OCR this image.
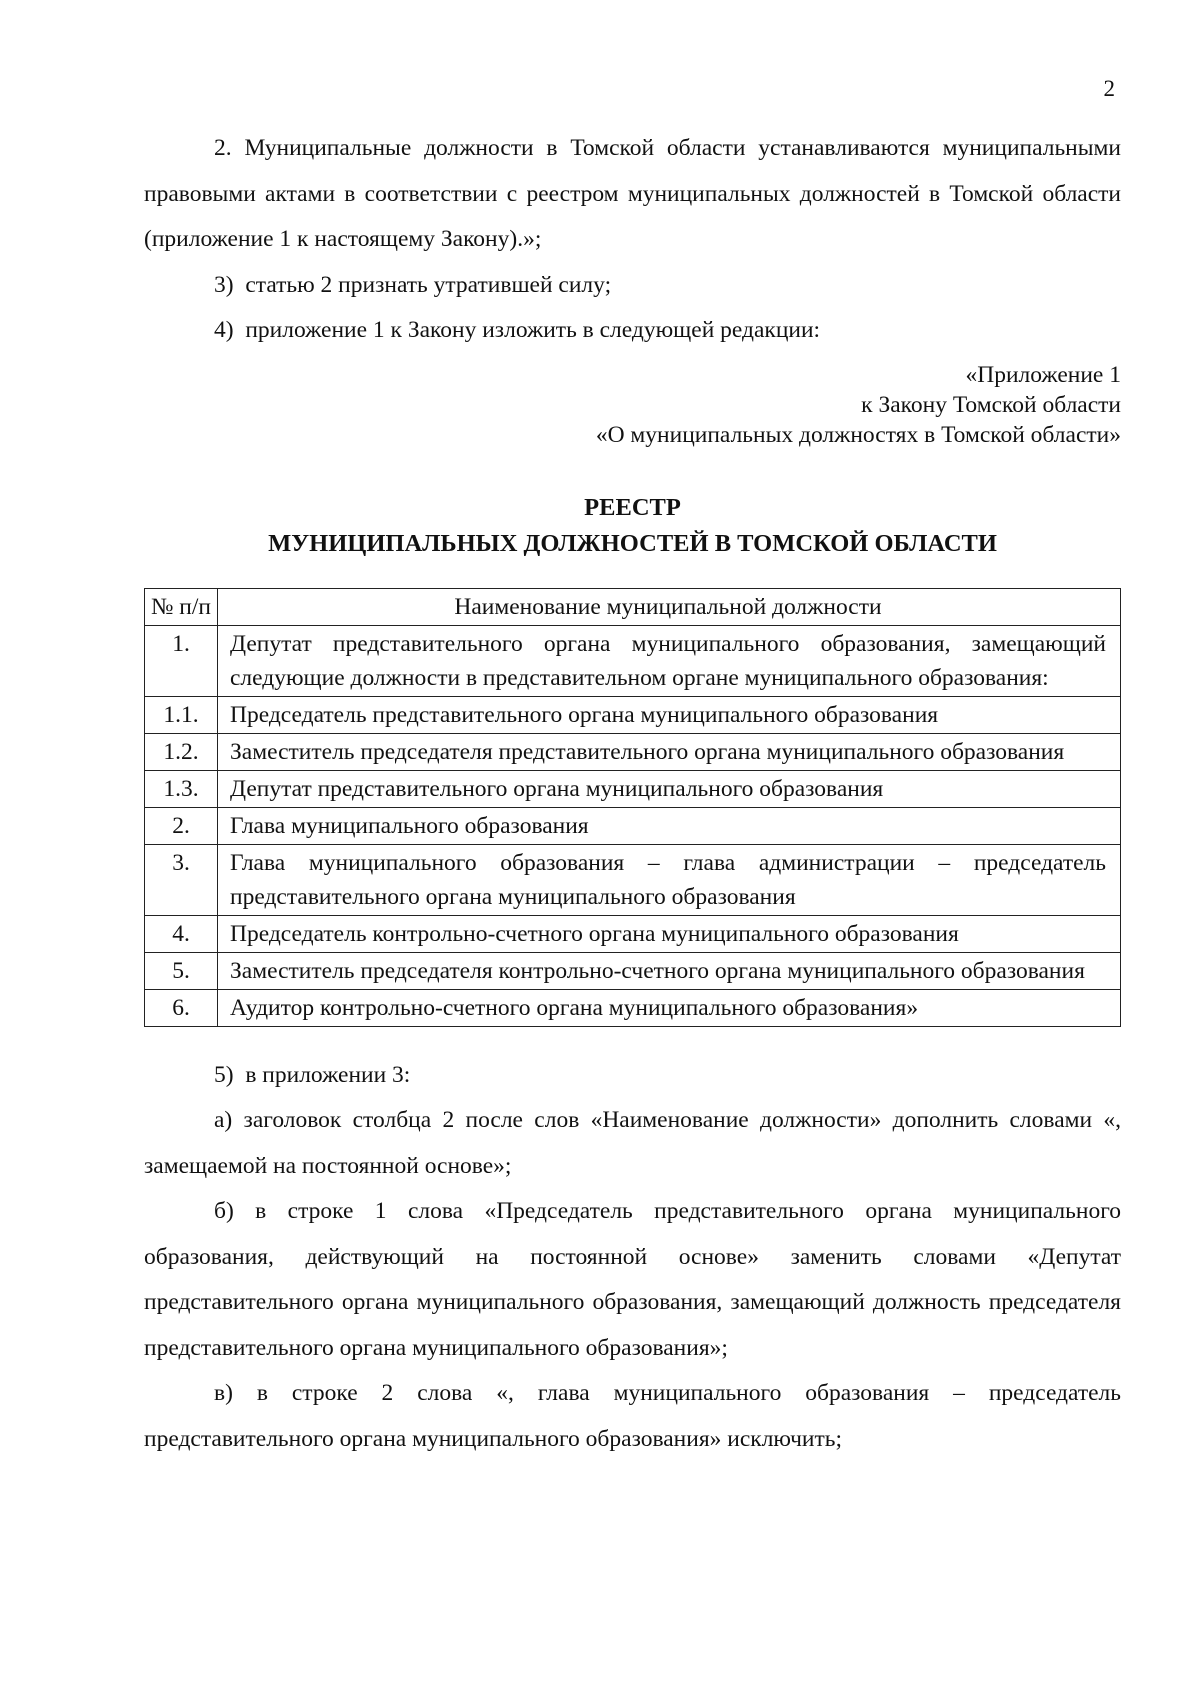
2

2. Муниципальные должности в Томской области устанавливаются муниципальными правовыми актами в соответствии с реестром муниципальных должностей в Томской области (приложение 1 к настоящему Закону).»;

3)  статью 2 признать утратившей силу;

4)  приложение 1 к Закону изложить в следующей редакции:

«Приложение 1
к Закону Томской области
«О муниципальных должностях в Томской области»
РЕЕСТР
МУНИЦИПАЛЬНЫХ ДОЛЖНОСТЕЙ В ТОМСКОЙ ОБЛАСТИ
№ п/п	Наименование муниципальной должности
1.	Депутат представительного органа муниципального образования, замещающий следующие должности в представительном органе муниципального образования:
1.1.	Председатель представительного органа муниципального образования
1.2.	Заместитель председателя представительного органа муниципального образования
1.3.	Депутат представительного органа муниципального образования
2.	Глава муниципального образования
3.	Глава муниципального образования – глава администрации – председатель представительного органа муниципального образования
4.	Председатель контрольно-счетного органа муниципального образования
5.	Заместитель председателя контрольно-счетного органа муниципального образования
6.	Аудитор контрольно-счетного органа муниципального образования»

5)  в приложении 3:

а) заголовок столбца 2 после слов «Наименование должности» дополнить словами «, замещаемой на постоянной основе»;

б) в строке 1 слова «Председатель представительного органа муниципального образования, действующий на постоянной основе» заменить словами «Депутат представительного органа муниципального образования, замещающий должность председателя представительного органа муниципального образования»;

в) в строке 2 слова «, глава муниципального образования – председатель представительного органа муниципального образования» исключить;
